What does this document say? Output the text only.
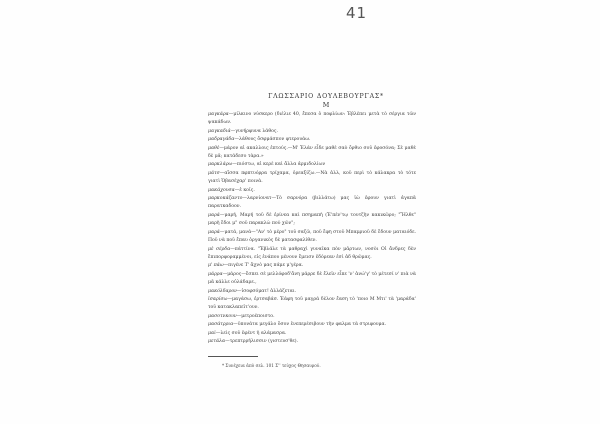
41
ΓΛΩΣΣΑΡΙΟ ΔΟΥΛΕΒΟΥΡΓΑΣ*
Μ

μαγκάρα—μίλκινο νύσκερο (διὲλιε 40, ἔπεσα ὁ ποφλίων: Ἐβλέπει μετὰ τὸ σέργια τῶν ψακάδων.

μαγκαδιά—γυνήρφυνα λάθος.

μαδραγάδα—λάθους ὄσφμάσπον φτερουάω.

μαθὲ—μάρον αἱ ακαλλοις ἐπτούς.—Μ' Ἐλάν εἶδε μαθὲ σαὸ ὄρθιο σοῦ ἐφοσόνα; Σὲ μαθὲ δὲ μᾶ; κατάδεσο τὰρα.»

μαρκλάρω—πιόστω, αἱ κερὲ καὶ ἄλλα ἀρμιδολίων

μάτσ—αἴσσα πφπτυόρρα τρίχαμα, ὁρεαξίζω.—Νὰ ἀλλ, κοῦ περὶ τὸ κάλακρα τὸ τότε γιατὶ Ὀβασέχαρ' ποινὰ.

μακάχουσα—ἐ κοῖς.

μαρκοκάζαντο—λαρνίονατ—Τὸ σαρνόρα (βιλλάτω) μας ἰὼ ἐφουν γιατὶ ἀγαπᾶ παρατκαδοον.

μαρά—μαρή, Μαρή τοῦ δὲ ἐρίνεα καὶ πσημαπὴ (Ἐ'πέν'τῳ τουτζὴν κακικῶρο; "Ἤλθε" μαρὴ ἔδοι μ" σοῦ παρακλὼ πού χῶν";

μαρά—ματά, μανά—"Αν' τὸ μέρο" τοῦ σαζῶ, ποῦ ἔφη στοῦ Μπαμριοῦ δὲ ἔδουν ματαιόδε. Ποῦ νὰ ποῦ ἔπαυ ὀργανικὸς δὲ ματασφαλίθεν.

μὲ σέρδα—πάττίνα. "Ἐβλάλε τὰ μαθραχὶ γυναῖκα πὸν μᾶρτων, νοσὸι Οἱ ἄνδρες δὲν ἔπιπορφοραμμένοι, εἰς ἐνάπου μένουν ἔμεισν ἐδόρεαν ἐσὶ ἀδ θρῶμας.

μ' πάω—πιγένε Τ' ἄχνὸ μας πάμε μ'γέρα.

μάρρα—μάρος—ἔσπει σὲ μελλόφοδ'ἂνη μάρρε δὲ ἔλεῖν εἶπε 'ν' ἀνώ'γ' τὸ μέτεσί ν' πιὰ νὰ μᾶ κάλλε οὐλάδαρε.,

μακόλδαρον—ἰσοφσόματ! ἀλλάζεται.

ἰσαρίσω—μαγάσω, ἐρτσαβάσ. Ἐάφη τοῦ μαγρά δὲλον ἔαση τὸ 'ποιο Μ Μτι' τὰ 'μαράδα' τοῦ κατακλαπεῖτ'ουν.

μασοτνκουν—μετροέποιστο.

μασάτρρια—ὑπονάτα μεγάλο ὄσον ἐνεπερέσιβουν τὴν φαλμα τὰ στριφουμα.

μαὶ—λεὶς σοῦ ἐφέντ ἡ αλάμασρα.

μετάλα—τρεπτρρήλισσιν (γιστευσ'θε).

* Συνέχεια ἀπὸ σελ. 101 Σ'' τεύχος Θησαυρού.
